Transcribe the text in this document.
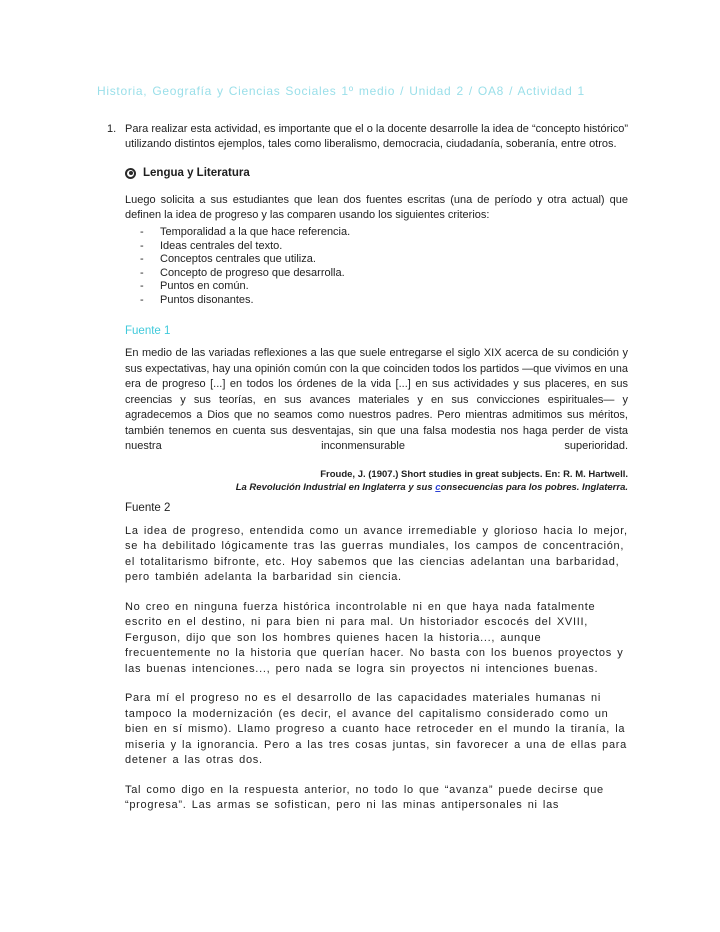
Historia, Geografía y Ciencias Sociales 1º medio / Unidad 2 / OA8 / Actividad 1
1. Para realizar esta actividad, es importante que el o la docente desarrolle la idea de “concepto histórico” utilizando distintos ejemplos, tales como liberalismo, democracia, ciudadanía, soberanía, entre otros.
Lengua y Literatura
Luego solicita a sus estudiantes que lean dos fuentes escritas (una de período y otra actual) que definen la idea de progreso y las comparen usando los siguientes criterios:
- Temporalidad a la que hace referencia.
- Ideas centrales del texto.
- Conceptos centrales que utiliza.
- Concepto de progreso que desarrolla.
- Puntos en común.
- Puntos disonantes.
Fuente 1
En medio de las variadas reflexiones a las que suele entregarse el siglo XIX acerca de su condición y sus expectativas, hay una opinión común con la que coinciden todos los partidos —que vivimos en una era de progreso [...] en todos los órdenes de la vida [...] en sus actividades y sus placeres, en sus creencias y sus teorías, en sus avances materiales y en sus convicciones espirituales— y agradecemos a Dios que no seamos como nuestros padres. Pero mientras admitimos sus méritos, también tenemos en cuenta sus desventajas, sin que una falsa modestia nos haga perder de vista nuestra inconmensurable superioridad.
Froude, J. (1907.) Short studies in great subjects. En: R. M. Hartwell.
La Revolución Industrial en Inglaterra y sus consecuencias para los pobres. Inglaterra.
Fuente 2

La idea de progreso, entendida como un avance irremediable y glorioso hacia lo mejor, se ha debilitado lógicamente tras las guerras mundiales, los campos de concentración, el totalitarismo bifronte, etc. Hoy sabemos que las ciencias adelantan una barbaridad, pero también adelanta la barbaridad sin ciencia.

No creo en ninguna fuerza histórica incontrolable ni en que haya nada fatalmente escrito en el destino, ni para bien ni para mal. Un historiador escocés del XVIII, Ferguson, dijo que son los hombres quienes hacen la historia..., aunque frecuentemente no la historia que querían hacer. No basta con los buenos proyectos y las buenas intenciones..., pero nada se logra sin proyectos ni intenciones buenas.

Para mí el progreso no es el desarrollo de las capacidades materiales humanas ni tampoco la modernización (es decir, el avance del capitalismo considerado como un bien en sí mismo). Llamo progreso a cuanto hace retroceder en el mundo la tiranía, la miseria y la ignorancia. Pero a las tres cosas juntas, sin favorecer a una de ellas para detener a las otras dos.

Tal como digo en la respuesta anterior, no todo lo que “avanza” puede decirse que “progresa”. Las armas se sofistican, pero ni las minas antipersonales ni las
